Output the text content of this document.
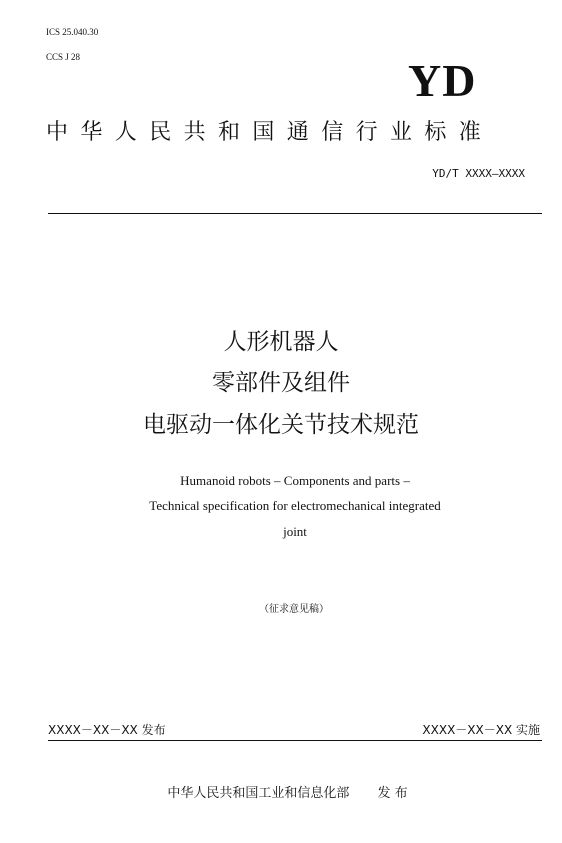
ICS 25.040.30
CCS J 28	YD
中华人民共和国通信行业标准
YD/T XXXX—XXXX
人形机器人
零部件及组件
电驱动一体化关节技术规范
Humanoid robots – Components and parts –
Technical specification for electromechanical integrated
joint
（征求意见稿）
XXXX－XX－XX 发布	XXXX－XX－XX 实施
中华人民共和国工业和信息化部 发 布
